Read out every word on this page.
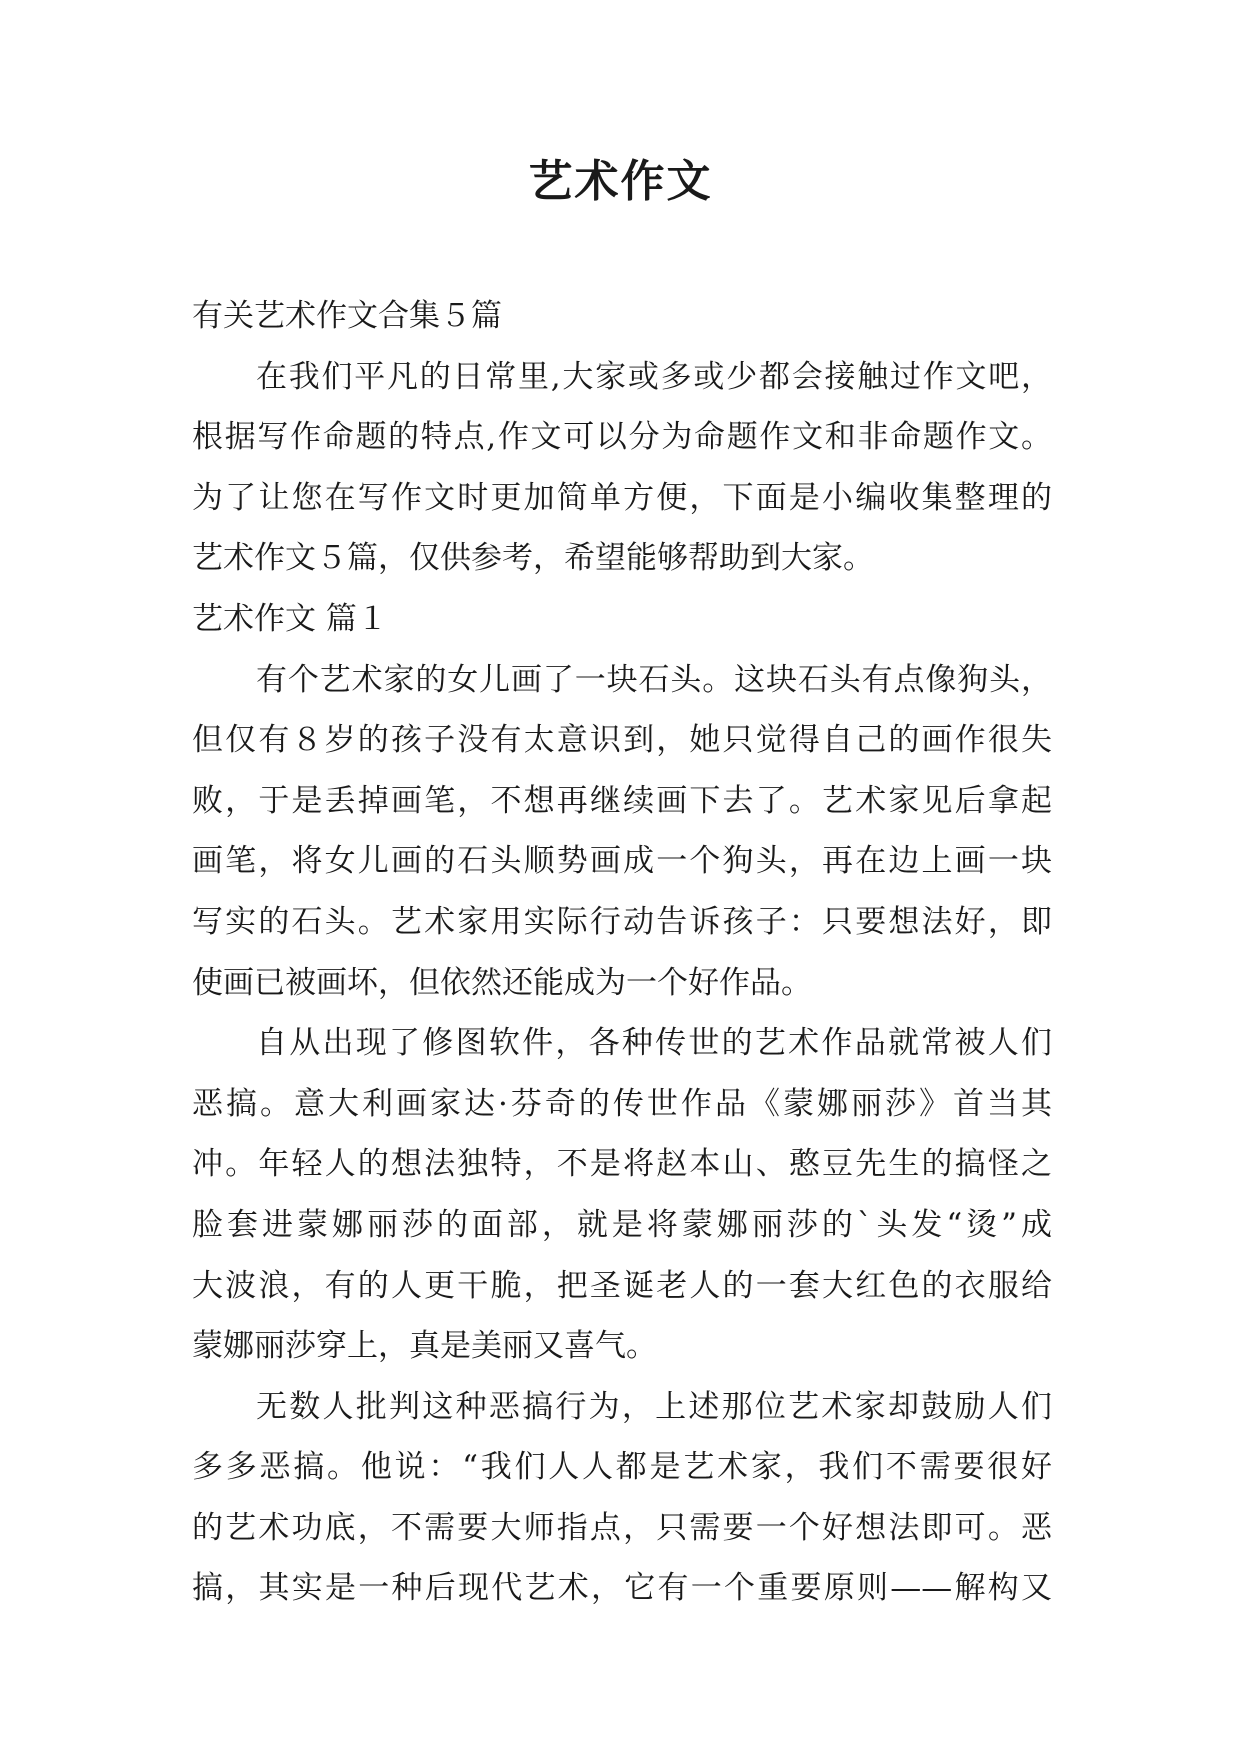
艺术作文

有关艺术作文合集５篇

在我们平凡的日常里,大家或多或少都会接触过作文吧，

根据写作命题的特点,作文可以分为命题作文和非命题作文。

为了让您在写作文时更加简单方便，下面是小编收集整理的

艺术作文５篇，仅供参考，希望能够帮助到大家。

艺术作文 篇１

有个艺术家的女儿画了一块石头。这块石头有点像狗头，

但仅有８岁的孩子没有太意识到，她只觉得自己的画作很失

败，于是丢掉画笔，不想再继续画下去了。艺术家见后拿起

画笔，将女儿画的石头顺势画成一个狗头，再在边上画一块

写实的石头。艺术家用实际行动告诉孩子：只要想法好，即

使画已被画坏，但依然还能成为一个好作品。

自从出现了修图软件，各种传世的艺术作品就常被人们

恶搞。意大利画家达·芬奇的传世作品《蒙娜丽莎》首当其

冲。年轻人的想法独特，不是将赵本山、憨豆先生的搞怪之

脸套进蒙娜丽莎的面部，就是将蒙娜丽莎的`头发“烫”成

大波浪，有的人更干脆，把圣诞老人的一套大红色的衣服给

蒙娜丽莎穿上，真是美丽又喜气。

无数人批判这种恶搞行为，上述那位艺术家却鼓励人们

多多恶搞。他说：“我们人人都是艺术家，我们不需要很好

的艺术功底，不需要大师指点，只需要一个好想法即可。恶

搞，其实是一种后现代艺术，它有一个重要原则——解构又
